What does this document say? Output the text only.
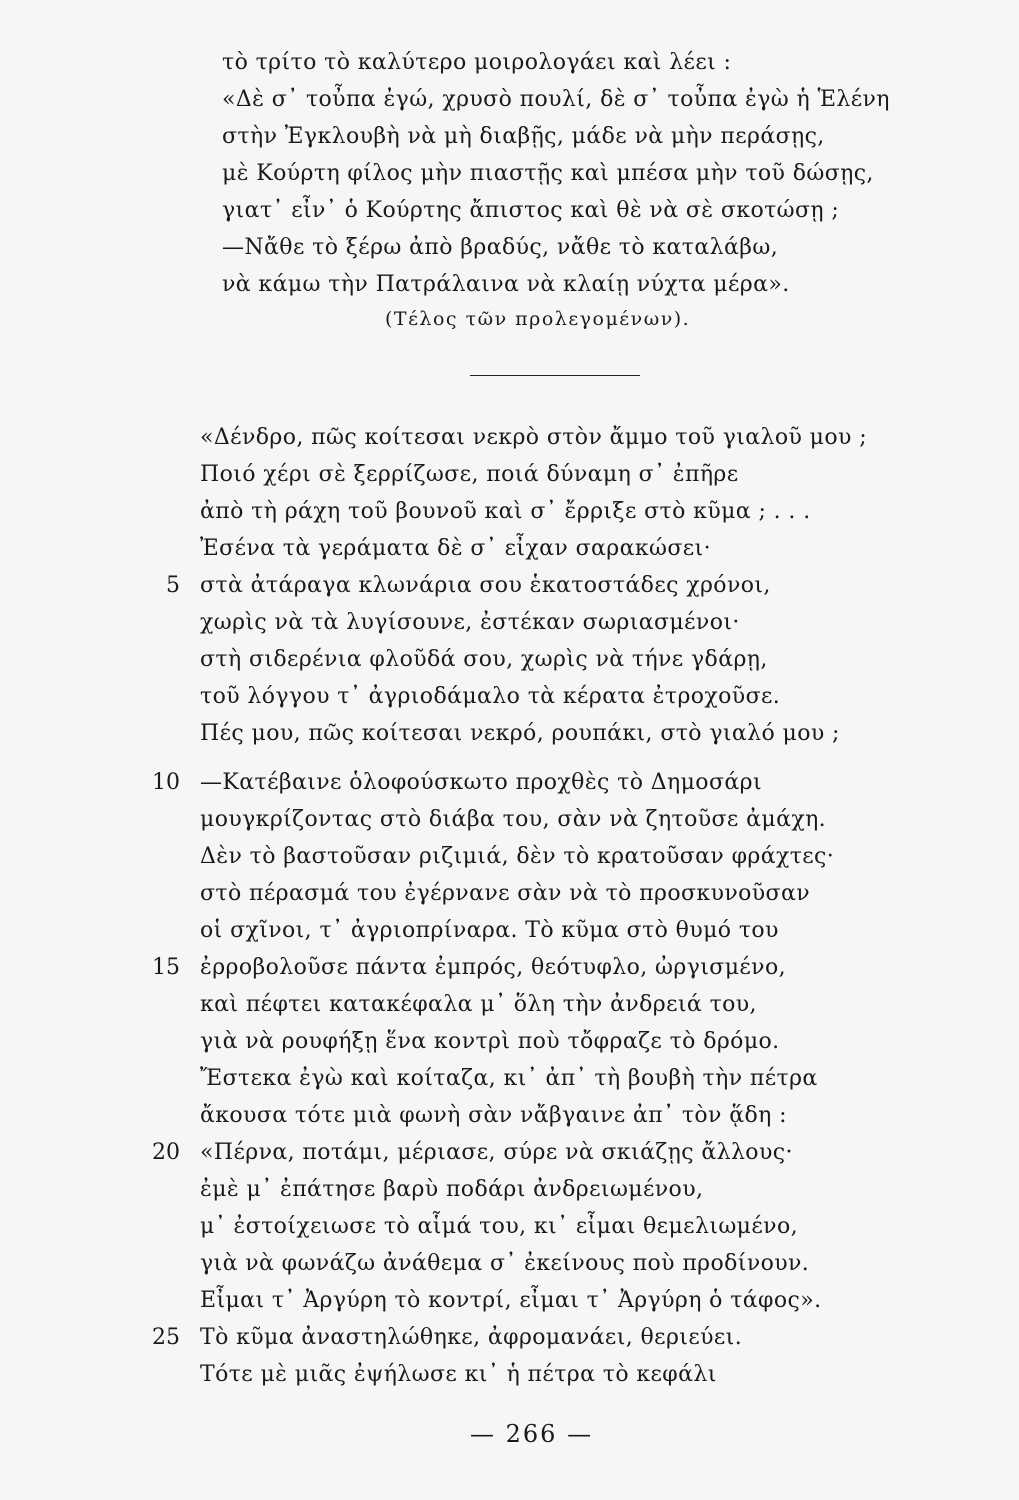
τὸ τρίτο τὸ καλύτερο μοιρολογάει καὶ λέει :
«Δὲ σ᾽ τοὖπα ἐγώ, χρυσὸ πουλί, δὲ σ᾽ τοὖπα ἐγὼ ἡ Ἑλένη
στὴν Ἐγκλουβὴ νὰ μὴ διαβῇς, μάδε νὰ μὴν περάσῃς,
μὲ Κούρτη φίλος μὴν πιαστῇς καὶ μπέσα μὴν τοῦ δώσῃς,
γιατ᾽ εἶν᾽ ὁ Κούρτης ἄπιστος καὶ θὲ νὰ σὲ σκοτώσῃ ;
—Νἄθε τὸ ξέρω ἀπὸ βραδύς, νἄθε τὸ καταλάβω,
νὰ κάμω τὴν Πατράλαινα νὰ κλαίῃ νύχτα μέρα».
(Τέλος τῶν προλεγομένων).
«Δένδρο, πῶς κοίτεσαι νεκρὸ στὸν ἄμμο τοῦ γιαλοῦ μου ;
Ποιό χέρι σὲ ξερρίζωσε, ποιά δύναμη σ᾽ ἐπῆρε
ἀπὸ τὴ ράχη τοῦ βουνοῦ καὶ σ᾽ ἔρριξε στὸ κῦμα ; . . .
Ἐσένα τὰ γεράματα δὲ σ᾽ εἶχαν σαρακώσει·
στὰ ἀτάραγα κλωνάρια σου ἑκατοστάδες χρόνοι,
χωρὶς νὰ τὰ λυγίσουνε, ἐστέκαν σωριασμένοι·
στὴ σιδερένια φλοῦδά σου, χωρὶς νὰ τήνε γδάρῃ,
τοῦ λόγγου τ᾽ ἀγριοδάμαλο τὰ κέρατα ἐτροχοῦσε.
Πές μου, πῶς κοίτεσαι νεκρό, ρουπάκι, στὸ γιαλό μου ;
—Κατέβαινε ὁλοφούσκωτο προχθὲς τὸ Δημοσάρι
μουγκρίζοντας στὸ διάβα του, σὰν νὰ ζητοῦσε ἀμάχη.
Δὲν τὸ βαστοῦσαν ριζιμιά, δὲν τὸ κρατοῦσαν φράχτες·
στὸ πέρασμά του ἐγέρνανε σὰν νὰ τὸ προσκυνοῦσαν
οἱ σχῖνοι, τ᾽ ἀγριοπρίναρα. Τὸ κῦμα στὸ θυμό του
ἐρροβολοῦσε πάντα ἐμπρός, θεότυφλο, ὠργισμένο,
καὶ πέφτει κατακέφαλα μ᾽ ὅλη τὴν ἀνδρειά του,
γιὰ νὰ ρουφήξῃ ἕνα κοντρὶ ποὺ τὄφραζε τὸ δρόμο.
Ἔστεκα ἐγὼ καὶ κοίταζα, κι᾽ ἀπ᾽ τὴ βουβὴ τὴν πέτρα
ἄκουσα τότε μιὰ φωνὴ σὰν νἄβγαινε ἀπ᾽ τὸν ᾅδη :
«Πέρνα, ποτάμι, μέριασε, σύρε νὰ σκιάζῃς ἄλλους·
ἐμὲ μ᾽ ἐπάτησε βαρὺ ποδάρι ἀνδρειωμένου,
μ᾽ ἐστοίχειωσε τὸ αἷμά του, κι᾽ εἶμαι θεμελιωμένο,
γιὰ νὰ φωνάζω ἀνάθεμα σ᾽ ἐκείνους ποὺ προδίνουν.
Εἶμαι τ᾽ Ἀργύρη τὸ κοντρί, εἶμαι τ᾽ Ἀργύρη ὁ τάφος».
Τὸ κῦμα ἀναστηλώθηκε, ἀφρομανάει, θεριεύει.
Τότε μὲ μιᾶς ἐψήλωσε κι᾽ ἡ πέτρα τὸ κεφάλι
5
10
15
20
25
— 266 —
